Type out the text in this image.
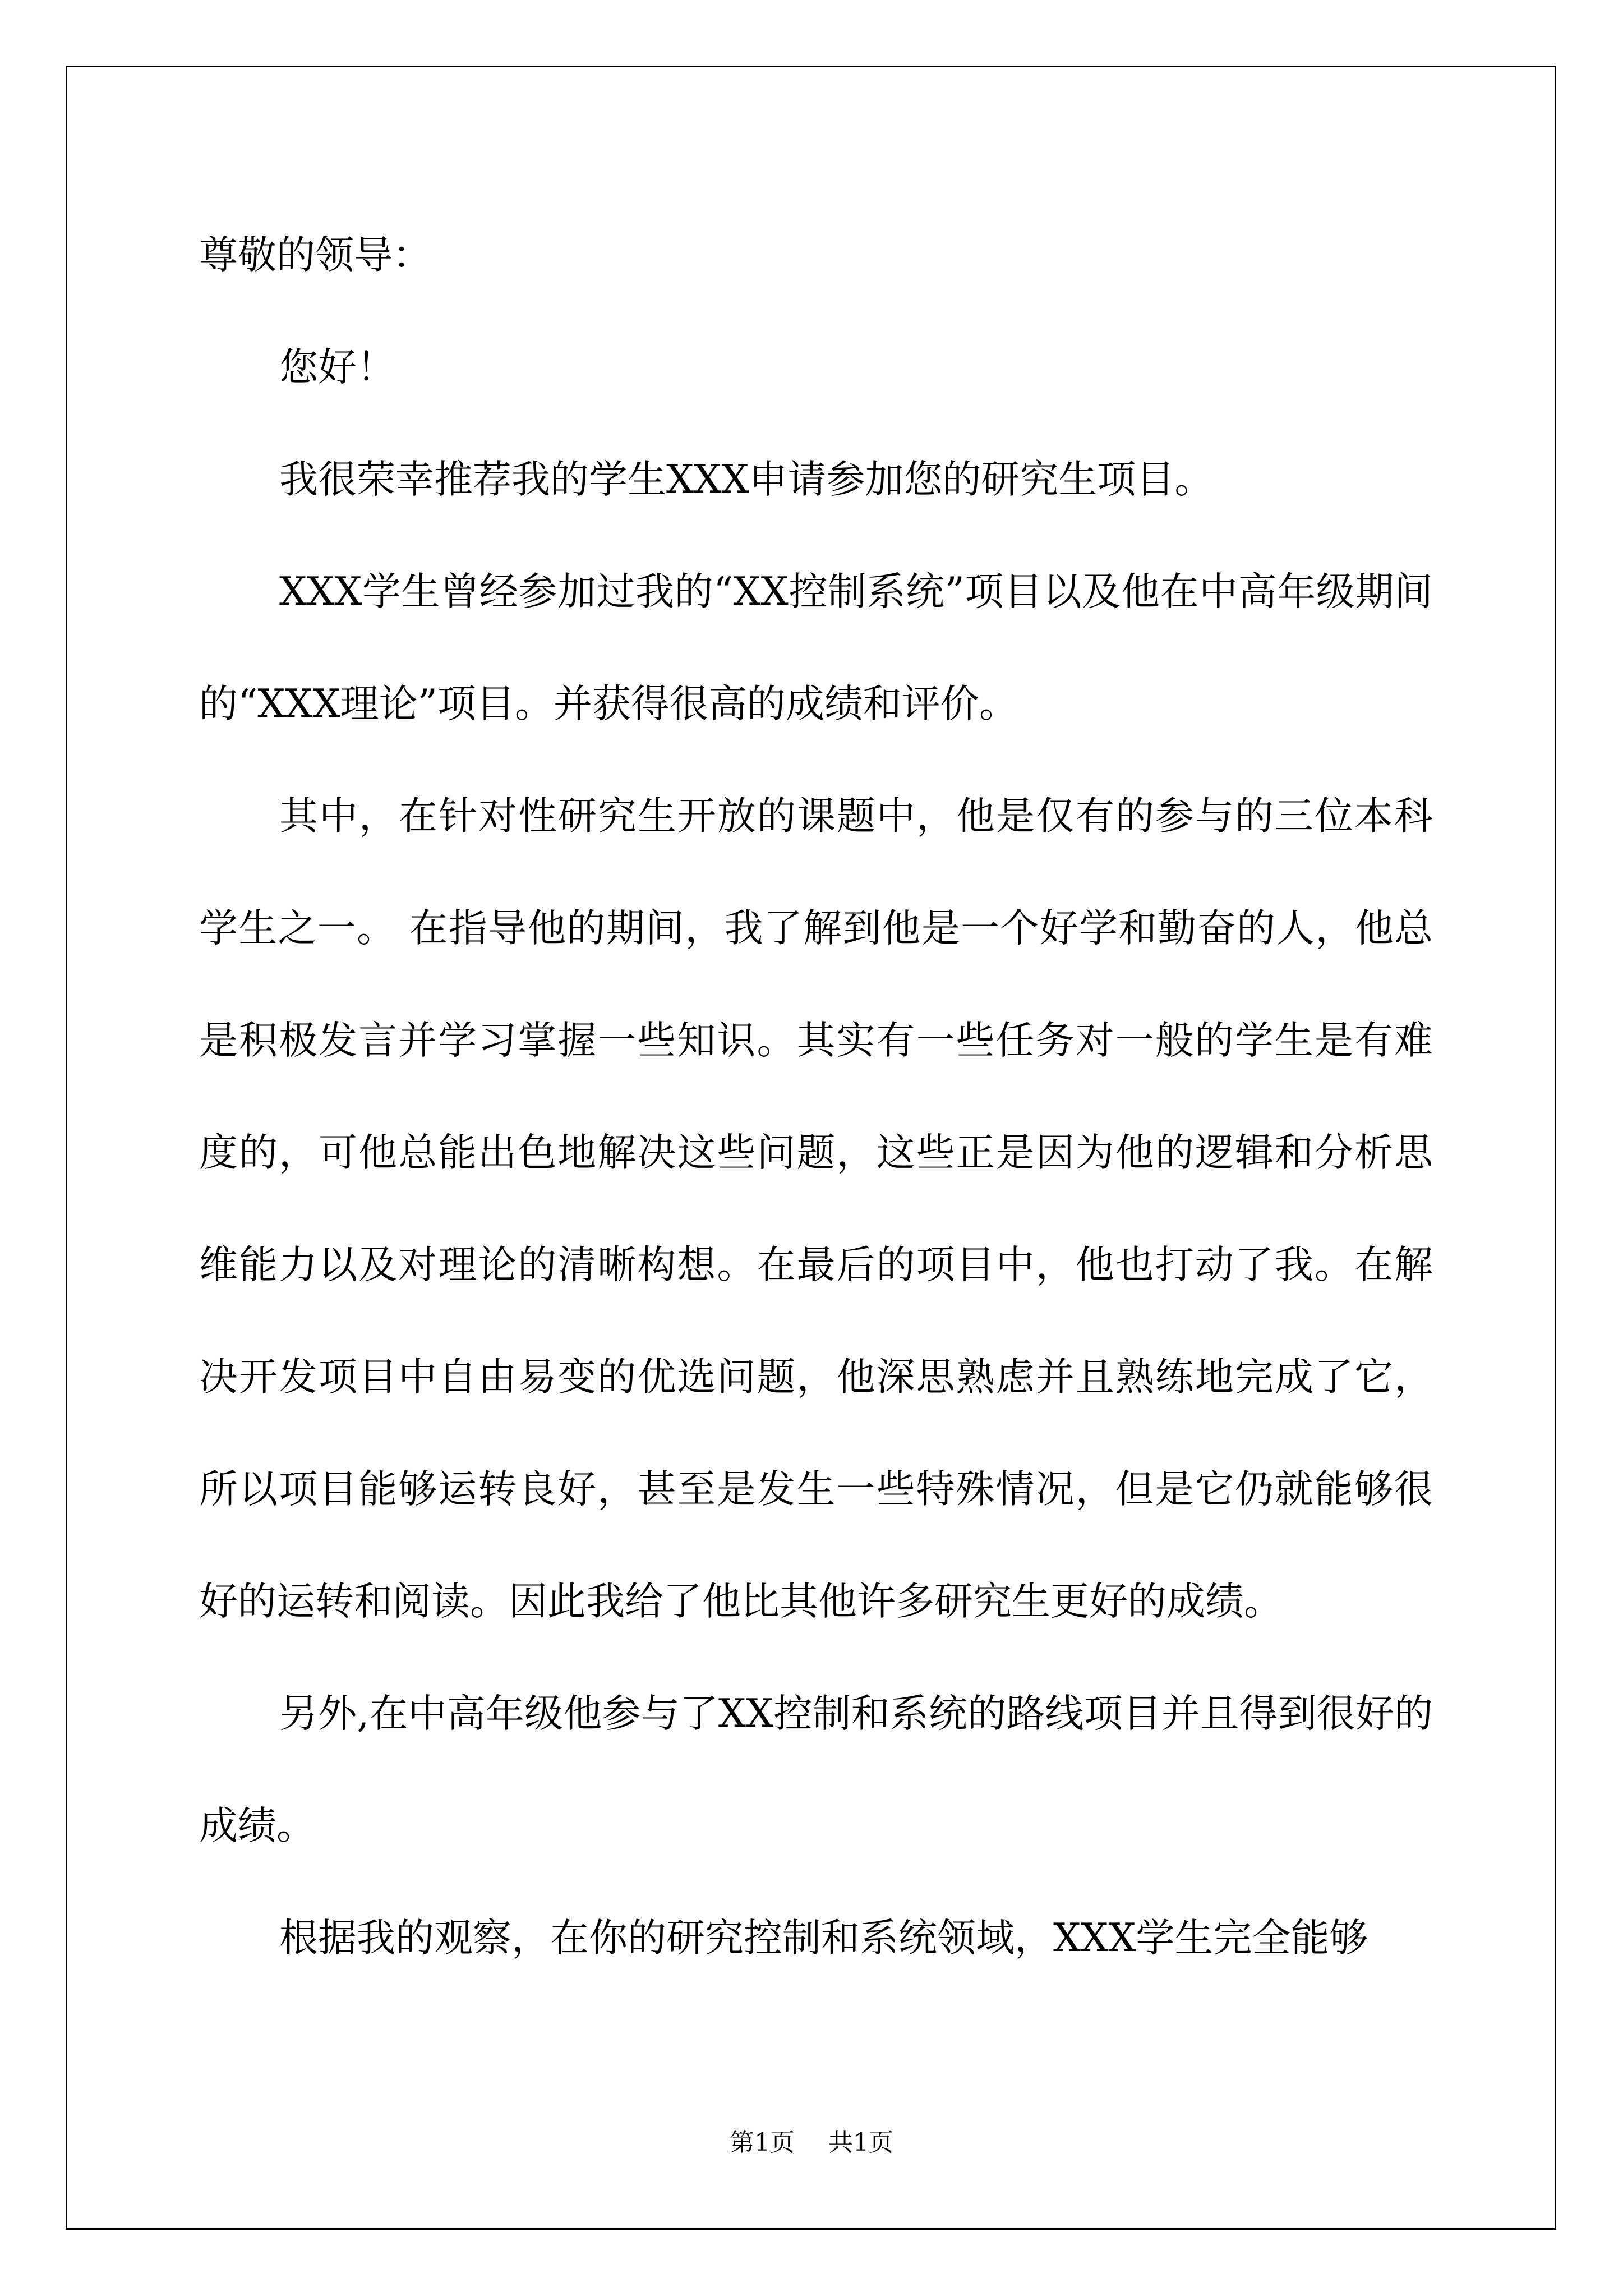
尊敬的领导：

您好！

我很荣幸推荐我的学生XXX申请参加您的研究生项目。

XXX学生曾经参加过我的“XX控制系统”项目以及他在中高年级期间的“XXX理论”项目。并获得很高的成绩和评价。

其中，在针对性研究生开放的课题中，他是仅有的参与的三位本科学生之一。 在指导他的期间，我了解到他是一个好学和勤奋的人，他总是积极发言并学习掌握一些知识。其实有一些任务对一般的学生是有难度的，可他总能出色地解决这些问题，这些正是因为他的逻辑和分析思维能力以及对理论的清晰构想。在最后的项目中，他也打动了我。在解决开发项目中自由易变的优选问题，他深思熟虑并且熟练地完成了它，所以项目能够运转良好，甚至是发生一些特殊情况，但是它仍就能够很好的运转和阅读。因此我给了他比其他许多研究生更好的成绩。

另外,在中高年级他参与了XX控制和系统的路线项目并且得到很好的成绩。

根据我的观察，在你的研究控制和系统领域，XXX学生完全能够

第1页 共1页
